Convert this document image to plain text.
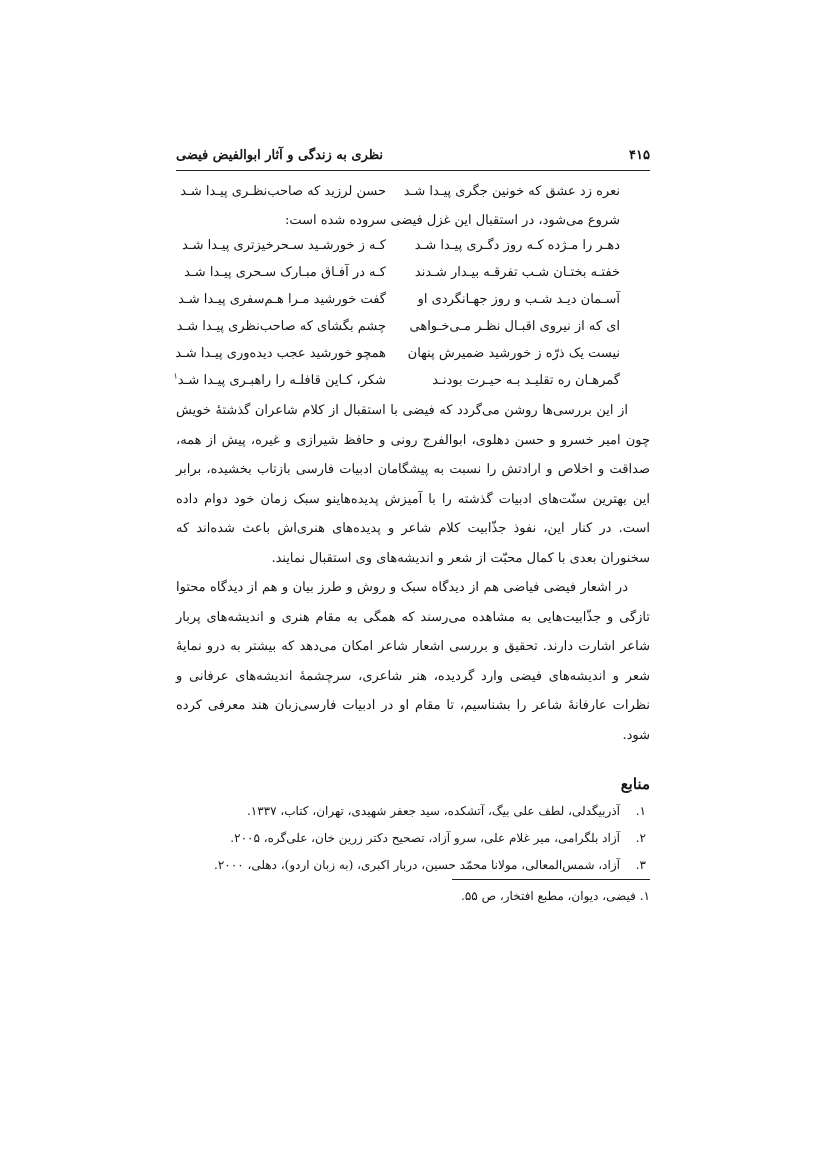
۴۱۵
نظری به زندگی و آثار ابوالفیض فیضی
نعره زد عشق که خونین جگری پیـدا شـد
حسن لرزید که صاحب‌نظـری پیـدا شـد
شروع می‌شود، در استقبال این غزل فیضی سروده شده است:
دهـر را مـژده کـه روز دگـری پیـدا شـد
کـه ز خورشـید سـحرخیزتری پیـدا شـد
خفتـه بختـان شـب تفرقـه بیـدار شـدند
کـه در آفـاق مبـارک سـحری پیـدا شـد
آسـمان دیـد شـب و روز جهـانگردی او
گفت خورشید مـرا هـم‌سفری پیـدا شـد
ای که از نیروی اقبـال نظـر مـی‌خـواهی
چشم بگشای که صاحب‌نظری پیـدا شـد
نیست یک ذرّه ز خورشید ضمیرش پنهان
همچو خورشید عجب دیده‌وری پیـدا شـد
گمرهـان ره تقلیـد بـه حیـرت بودنـد
شکر، کـاین قافلـه را راهبـری پیـدا شـد$^۱$

از این بررسی‌ها روشن می‌گردد که فیضی با استقبال از کلام شاعران گذشتۀ خویش چون امیر خسرو و حسن دهلوی، ابوالفرج رونی و حافظ شیرازی و غیره، پیش از همه، صداقت و اخلاص و ارادتش را نسبت به پیشگامان ادبیات فارسی بازتاب بخشیده، برابر این بهترین سنّت‌های ادبیات گذشته را با آمیزش پدیده‌هاینو سبک زمان خود دوام داده است. در کنار این، نفوذ جذّابیت کلام شاعر و پدیده‌های هنری‌اش باعث شده‌اند که سخنوران بعدی با کمال محبّت از شعر و اندیشه‌های وی استقبال نمایند.

در اشعار فیضی فیاضی هم از دیدگاه سبک و روش و طرز بیان و هم از دیدگاه محتوا تازگی و جذّابیت‌هایی به مشاهده می‌رسند که همگی به مقام هنری و اندیشه‌های پربار شاعر اشارت دارند. تحقیق و بررسی اشعار شاعر امکان می‌دهد که بیشتر به درو نمایۀ شعر و اندیشه‌های فیضی وارد گردیده، هنر شاعری، سرچشمۀ اندیشه‌های عرفانی و نظرات عارفانۀ شاعر را بشناسیم، تا مقام او در ادبیات فارسی‌زبان هند معرفی کرده شود.

منابع
۱.آذربیگدلی، لطف علی بیگ، آتشکده، سید جعفر شهیدی، تهران، کتاب، ۱۳۳۷.
۲.آزاد بلگرامی، میر غلام علی، سرو آزاد، تصحیح دکتر زرین خان، علی‌گره، ۲۰۰۵.
۳.آزاد، شمس‌المعالی، مولانا محمّد حسین، دربار اکبری، (به زبان اردو)، دهلی، ۲۰۰۰.
۱. فیضی، دیوان، مطبع افتخار، ص ۵۵.
